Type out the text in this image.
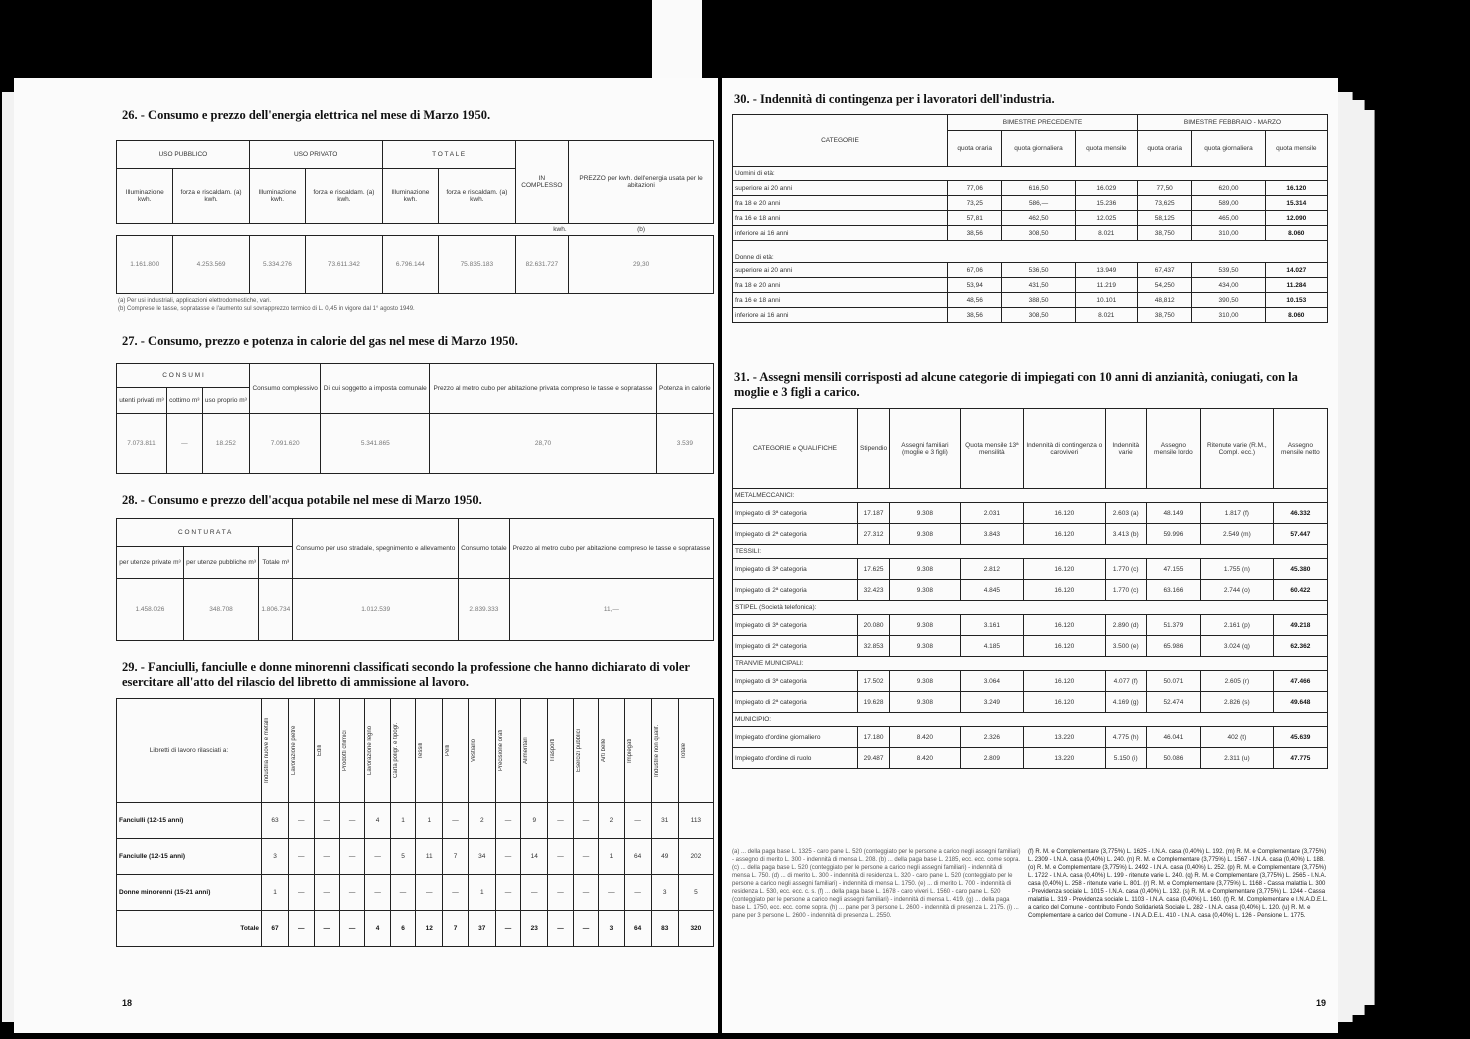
26. - Consumo e prezzo dell'energia elettrica nel mese di Marzo 1950.
USO PUBBLICO		USO PRIVATO		T O T A L E		IN COMPLESSO	PREZZO per kwh. dell'energia usata per le abitazioni
Illuminazione kwh.	forza e riscaldam. (a) kwh.	Illuminazione kwh.	forza e riscaldam. (a) kwh.	Illuminazione kwh.	forza e riscaldam. (a) kwh.		
kwh.							(b)
1.161.800	4.253.569	5.334.276	73.611.342	6.796.144	75.835.183	82.631.727	29,30
(a) Per usi industriali, applicazioni elettrodomestiche, vari.
(b) Comprese le tasse, sopratasse e l'aumento sul sovrapprezzo termico di L. 0,45 in vigore dal 1° agosto 1949.
27. - Consumo, prezzo e potenza in calorie del gas nel mese di Marzo 1950.
C O N S U M I			Consumo complessivo	Di cui soggetto a imposta comunale	Prezzo al metro cubo per abitazione privata compreso le tasse e sopratasse	Potenza in calorie
utenti privati m³	cottimo m³	uso proprio m³				
7.073.811	—	18.252	7.091.620	5.341.865	28,70	3.539
28. - Consumo e prezzo dell'acqua potabile nel mese di Marzo 1950.
C O N T U R A T A			Consumo per uso stradale, spegnimento e allevamento	Consumo totale	Prezzo al metro cubo per abitazione compreso le tasse e sopratasse
per utenze private m³	per utenze pubbliche m³	Totale m³			
1.458.026	348.708	1.806.734	1.012.539	2.839.333	11,—
29. - Fanciulli, fanciulle e donne minorenni classificati secondo la professione che hanno dichiarato di voler esercitare all'atto del rilascio del libretto di ammissione al lavoro.
Libretti di lavoro rilasciati a:	Industria nuove e metalli	Lavorazione pietre	Edili	Prodotti chimici	Lavorazione legno	Carta poligr. e tipogr.	Tessili	Pelli	Vestiario	Precisione orafi	Alimentari	Trasporti	Esercizi pubblici	Arti belle	Impiegati	Industrie non qualif.	Totale

Fanciulli (12-15 anni)	63	—	—	—	4	1	1	—	2	—	9	—	—	2	—	31	113
Fanciulle (12-15 anni)	3	—	—	—	—	5	11	7	34	—	14	—	—	1	64	49	202
Donne minorenni (15-21 anni)	1	—	—	—	—	—	—	—	1	—	—	—	—	—	—	3	5
Totale	67	—	—	—	4	6	12	7	37	—	23	—	—	3	64	83	320
18
30. - Indennità di contingenza per i lavoratori dell'industria.
CATEGORIE	BIMESTRE PRECEDENTE			BIMESTRE FEBBRAIO - MARZO		
	quota oraria	quota giornaliera	quota mensile	quota oraria	quota giornaliera	quota mensile
Uomini di età:						
superiore ai 20 anni	77,06	616,50	16.029	77,50	620,00	16.120
fra 18 e 20 anni	73,25	586,—	15.236	73,625	589,00	15.314
fra 16 e 18 anni	57,81	462,50	12.025	58,125	465,00	12.090
inferiore ai 16 anni	38,56	308,50	8.021	38,750	310,00	8.060
Donne di età:						
superiore ai 20 anni	67,06	536,50	13.949	67,437	539,50	14.027
fra 18 e 20 anni	53,94	431,50	11.219	54,250	434,00	11.284
fra 16 e 18 anni	48,56	388,50	10.101	48,812	390,50	10.153
inferiore ai 16 anni	38,56	308,50	8.021	38,750	310,00	8.060
31. - Assegni mensili corrisposti ad alcune categorie di impiegati con 10 anni di anzianità, coniugati, con la moglie e 3 figli a carico.
CATEGORIE e QUALIFICHE	Stipendio	Assegni familiari (moglie e 3 figli)	Quota mensile 13ª mensilità	Indennità di contingenza o caroviveri	Indennità varie	Assegno mensile lordo	Ritenute varie (R.M., Compl. ecc.)	Assegno mensile netto
METALMECCANICI:								
Impiegato di 3ª categoria	17.187	9.308	2.031	16.120	2.603 (a)	48.149	1.817 (f)	46.332
Impiegato di 2ª categoria	27.312	9.308	3.843	16.120	3.413 (b)	59.996	2.549 (m)	57.447
TESSILI:								
Impiegato di 3ª categoria	17.625	9.308	2.812	16.120	1.770 (c)	47.155	1.755 (n)	45.380
Impiegato di 2ª categoria	32.423	9.308	4.845	16.120	1.770 (c)	63.166	2.744 (o)	60.422
STIPEL (Società telefonica):								
Impiegato di 3ª categoria	20.080	9.308	3.161	16.120	2.890 (d)	51.379	2.161 (p)	49.218
Impiegato di 2ª categoria	32.853	9.308	4.185	16.120	3.500 (e)	65.986	3.024 (q)	62.362
TRANVIE MUNICIPALI:								
Impiegato di 3ª categoria	17.502	9.308	3.064	16.120	4.077 (f)	50.071	2.605 (r)	47.466
Impiegato di 2ª categoria	19.628	9.308	3.249	16.120	4.169 (g)	52.474	2.826 (s)	49.648
MUNICIPIO:								
Impiegato d'ordine giornaliero	17.180	8.420	2.326	13.220	4.775 (h)	46.041	402 (t)	45.639
Impiegato d'ordine di ruolo	29.487	8.420	2.809	13.220	5.150 (i)	50.086	2.311 (u)	47.775
(a) ... della paga base L. 1325 - caro pane L. 520 (conteggiato per le persone a carico negli assegni familiari) - assegno di merito L. 300 - indennità di mensa L. 208. (b) ... della paga base L. 2185, ecc. ecc. come sopra. (c) ... della paga base L. 520 (conteggiato per le persone a carico negli assegni familiari) - indennità di mensa L. 750. (d) ... di merito L. 300 - indennità di residenza L. 320 - caro pane L. 520 (conteggiato per le persone a carico negli assegni familiari) - indennità di mensa L. 1750. (e) ... di merito L. 700 - indennità di residenza L. 530, ecc. ecc. c. s. (f) ... della paga base L. 1678 - caro viveri L. 1560 - caro pane L. 520 (conteggiato per le persone a carico negli assegni familiari) - indennità di mensa L. 419. (g) ... della paga base L. 1750, ecc. ecc. come sopra. (h) ... pane per 3 persone L. 2600 - indennità di presenza L. 2175. (i) ... pane per 3 persone L. 2600 - indennità di presenza L. 2550.
(f) R. M. e Complementare (3,775%) L. 1625 - I.N.A. casa (0,40%) L. 192. (m) R. M. e Complementare (3,775%) L. 2309 - I.N.A. casa (0,40%) L. 240. (n) R. M. e Complementare (3,775%) L. 1567 - I.N.A. casa (0,40%) L. 188. (o) R. M. e Complementare (3,775%) L. 2492 - I.N.A. casa (0,40%) L. 252. (p) R. M. e Complementare (3,775%) L. 1722 - I.N.A. casa (0,40%) L. 199 - ritenute varie L. 240. (q) R. M. e Complementare (3,775%) L. 2565 - I.N.A. casa (0,40%) L. 258 - ritenute varie L. 801. (r) R. M. e Complementare (3,775%) L. 1168 - Cassa malattia L. 300 - Previdenza sociale L. 1015 - I.N.A. casa (0,40%) L. 132. (s) R. M. e Complementare (3,775%) L. 1244 - Cassa malattia L. 319 - Previdenza sociale L. 1103 - I.N.A. casa (0,40%) L. 160. (t) R. M. Complementare e I.N.A.D.E.L. a carico del Comune - contributo Fondo Solidarietà Sociale L. 282 - I.N.A. casa (0,40%) L. 120. (u) R. M. e Complementare a carico del Comune - I.N.A.D.E.L. 410 - I.N.A. casa (0,40%) L. 126 - Pensione L. 1775.
19
